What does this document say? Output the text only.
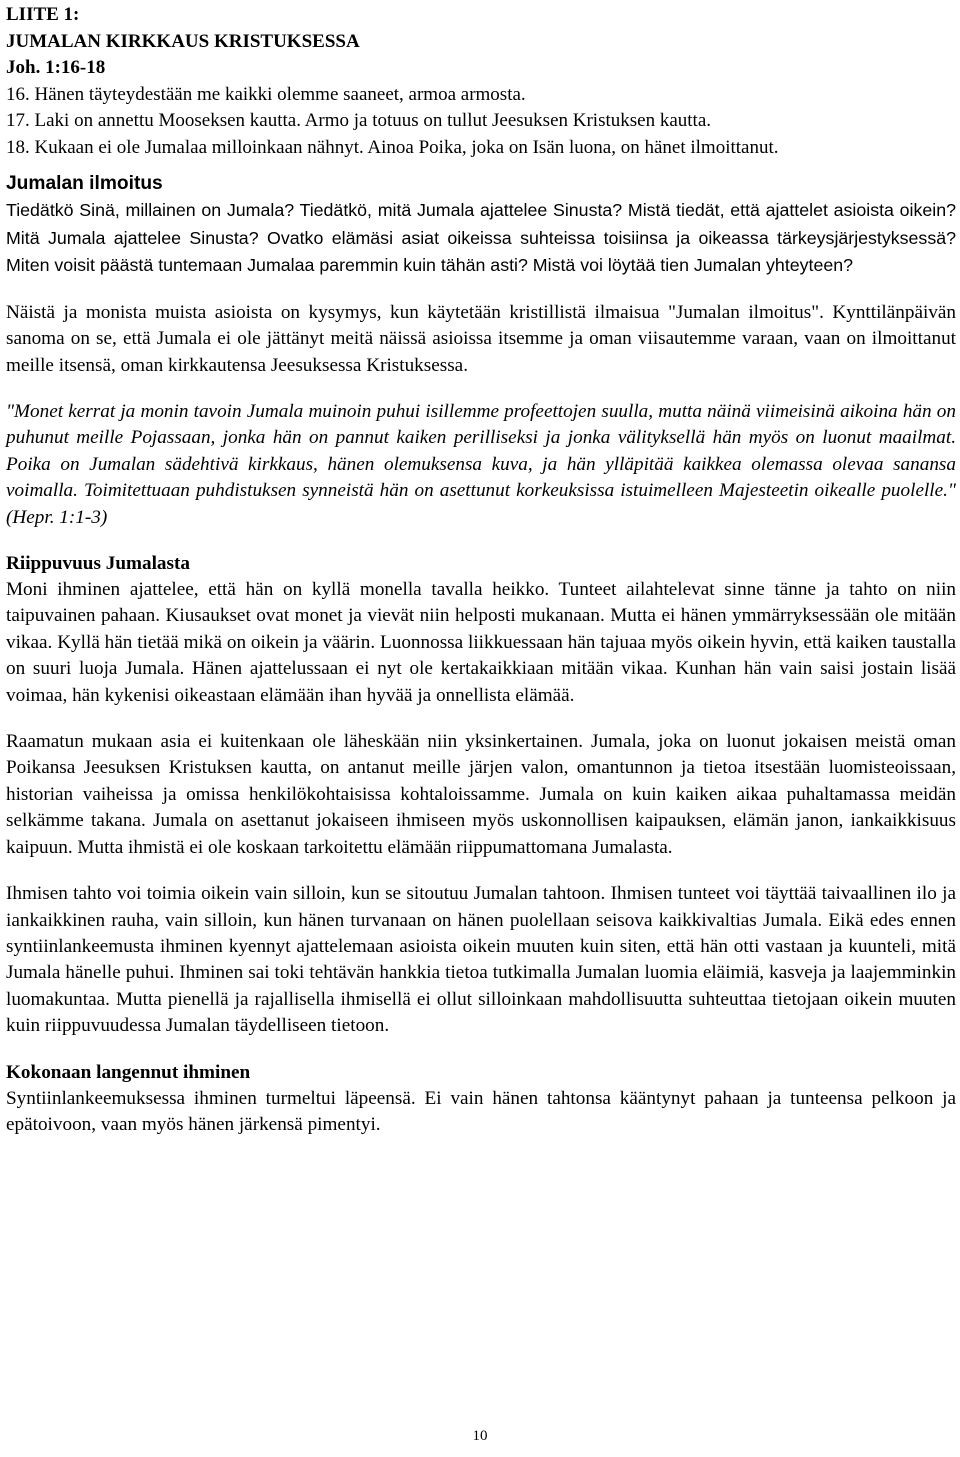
LIITE 1:
JUMALAN KIRKKAUS KRISTUKSESSA
Joh. 1:16-18
16. Hänen täyteydestään me kaikki olemme saaneet, armoa armosta.
17. Laki on annettu Mooseksen kautta. Armo ja totuus on tullut Jeesuksen Kristuksen kautta.
18. Kukaan ei ole Jumalaa milloinkaan nähnyt. Ainoa Poika, joka on Isän luona, on hänet ilmoittanut.

Jumalan ilmoitus

Tiedätkö Sinä, millainen on Jumala? Tiedätkö, mitä Jumala ajattelee Sinusta? Mistä tiedät, että ajattelet asioista oikein? Mitä Jumala ajattelee Sinusta? Ovatko elämäsi asiat oikeissa suhteissa toisiinsa ja oikeassa tärkeysjärjestyksessä? Miten voisit päästä tuntemaan Jumalaa paremmin kuin tähän asti? Mistä voi löytää tien Jumalan yhteyteen?

Näistä ja monista muista asioista on kysymys, kun käytetään kristillistä ilmaisua "Jumalan ilmoitus". Kynttilänpäivän sanoma on se, että Jumala ei ole jättänyt meitä näissä asioissa itsemme ja oman viisautemme varaan, vaan on ilmoittanut meille itsensä, oman kirkkautensa Jeesuksessa Kristuksessa.

"Monet kerrat ja monin tavoin Jumala muinoin puhui isillemme profeettojen suulla, mutta näinä viimeisinä aikoina hän on puhunut meille Pojassaan, jonka hän on pannut kaiken perilliseksi ja jonka välityksellä hän myös on luonut maailmat. Poika on Jumalan sädehtivä kirkkaus, hänen olemuksensa kuva, ja hän ylläpitää kaikkea olemassa olevaa sanansa voimalla. Toimitettuaan puhdistuksen synneistä hän on asettunut korkeuksissa istuimelleen Majesteetin oikealle puolelle." (Hepr. 1:1-3)

Riippuvuus Jumalasta

Moni ihminen ajattelee, että hän on kyllä monella tavalla heikko. Tunteet ailahtelevat sinne tänne ja tahto on niin taipuvainen pahaan. Kiusaukset ovat monet ja vievät niin helposti mukanaan. Mutta ei hänen ymmärryksessään ole mitään vikaa. Kyllä hän tietää mikä on oikein ja väärin. Luonnossa liikkuessaan hän tajuaa myös oikein hyvin, että kaiken taustalla on suuri luoja Jumala. Hänen ajattelussaan ei nyt ole kertakaikkiaan mitään vikaa. Kunhan hän vain saisi jostain lisää voimaa, hän kykenisi oikeastaan elämään ihan hyvää ja onnellista elämää.

Raamatun mukaan asia ei kuitenkaan ole läheskään niin yksinkertainen. Jumala, joka on luonut jokaisen meistä oman Poikansa Jeesuksen Kristuksen kautta, on antanut meille järjen valon, omantunnon ja tietoa itsestään luomisteoissaan, historian vaiheissa ja omissa henkilökohtaisissa kohtaloissamme. Jumala on kuin kaiken aikaa puhaltamassa meidän selkämme takana. Jumala on asettanut jokaiseen ihmiseen myös uskonnollisen kaipauksen, elämän janon, iankaikkisuus kaipuun. Mutta ihmistä ei ole koskaan tarkoitettu elämään riippumattomana Jumalasta.

Ihmisen tahto voi toimia oikein vain silloin, kun se sitoutuu Jumalan tahtoon. Ihmisen tunteet voi täyttää taivaallinen ilo ja iankaikkinen rauha, vain silloin, kun hänen turvanaan on hänen puolellaan seisova kaikkivaltias Jumala. Eikä edes ennen syntiinlankeemusta ihminen kyennyt ajattelemaan asioista oikein muuten kuin siten, että hän otti vastaan ja kuunteli, mitä Jumala hänelle puhui. Ihminen sai toki tehtävän hankkia tietoa tutkimalla Jumalan luomia eläimiä, kasveja ja laajemminkin luomakuntaa. Mutta pienellä ja rajallisella ihmisellä ei ollut silloinkaan mahdollisuutta suhteuttaa tietojaan oikein muuten kuin riippuvuudessa Jumalan täydelliseen tietoon.

Kokonaan langennut ihminen

Syntiinlankeemuksessa ihminen turmeltui läpeensä. Ei vain hänen tahtonsa kääntynyt pahaan ja tunteensa pelkoon ja epätoivoon, vaan myös hänen järkensä pimentyi.

10
